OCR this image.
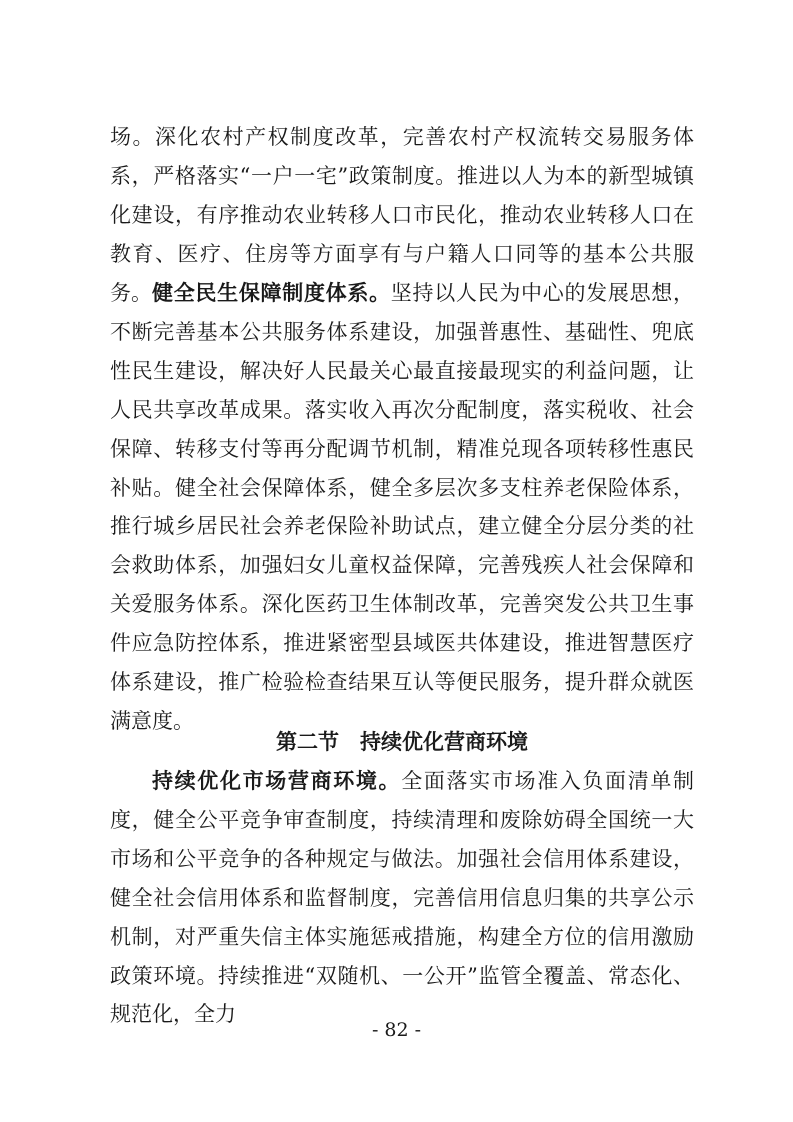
场。深化农村产权制度改革，完善农村产权流转交易服务体系，严格落实“一户一宅”政策制度。推进以人为本的新型城镇化建设，有序推动农业转移人口市民化，推动农业转移人口在教育、医疗、住房等方面享有与户籍人口同等的基本公共服务。 健全民生保障制度体系。坚持以人民为中心的发展思想，不断完善基本公共服务体系建设，加强普惠性、基础性、兜底性民生建设，解决好人民最关心最直接最现实的利益问题，让人民共享改革成果。落实收入再次分配制度，落实税收、社会保障、转移支付等再分配调节机制，精准兑现各项转移性惠民补贴。健全社会保障体系，健全多层次多支柱养老保险体系，推行城乡居民社会养老保险补助试点，建立健全分层分类的社会救助体系，加强妇女儿童权益保障，完善残疾人社会保障和关爱服务体系。深化医药卫生体制改革，完善突发公共卫生事件应急防控体系，推进紧密型县域医共体建设，推进智慧医疗体系建设，推广检验检查结果互认等便民服务，提升群众就医满意度。

第二节　持续优化营商环境

持续优化市场营商环境。全面落实市场准入负面清单制度，健全公平竞争审查制度，持续清理和废除妨碍全国统一大市场和公平竞争的各种规定与做法。加强社会信用体系建设，健全社会信用体系和监督制度，完善信用信息归集的共享公示机制，对严重失信主体实施惩戒措施，构建全方位的信用激励政策环境。持续推进“双随机、一公开”监管全覆盖、常态化、规范化，全力

- 82 -
